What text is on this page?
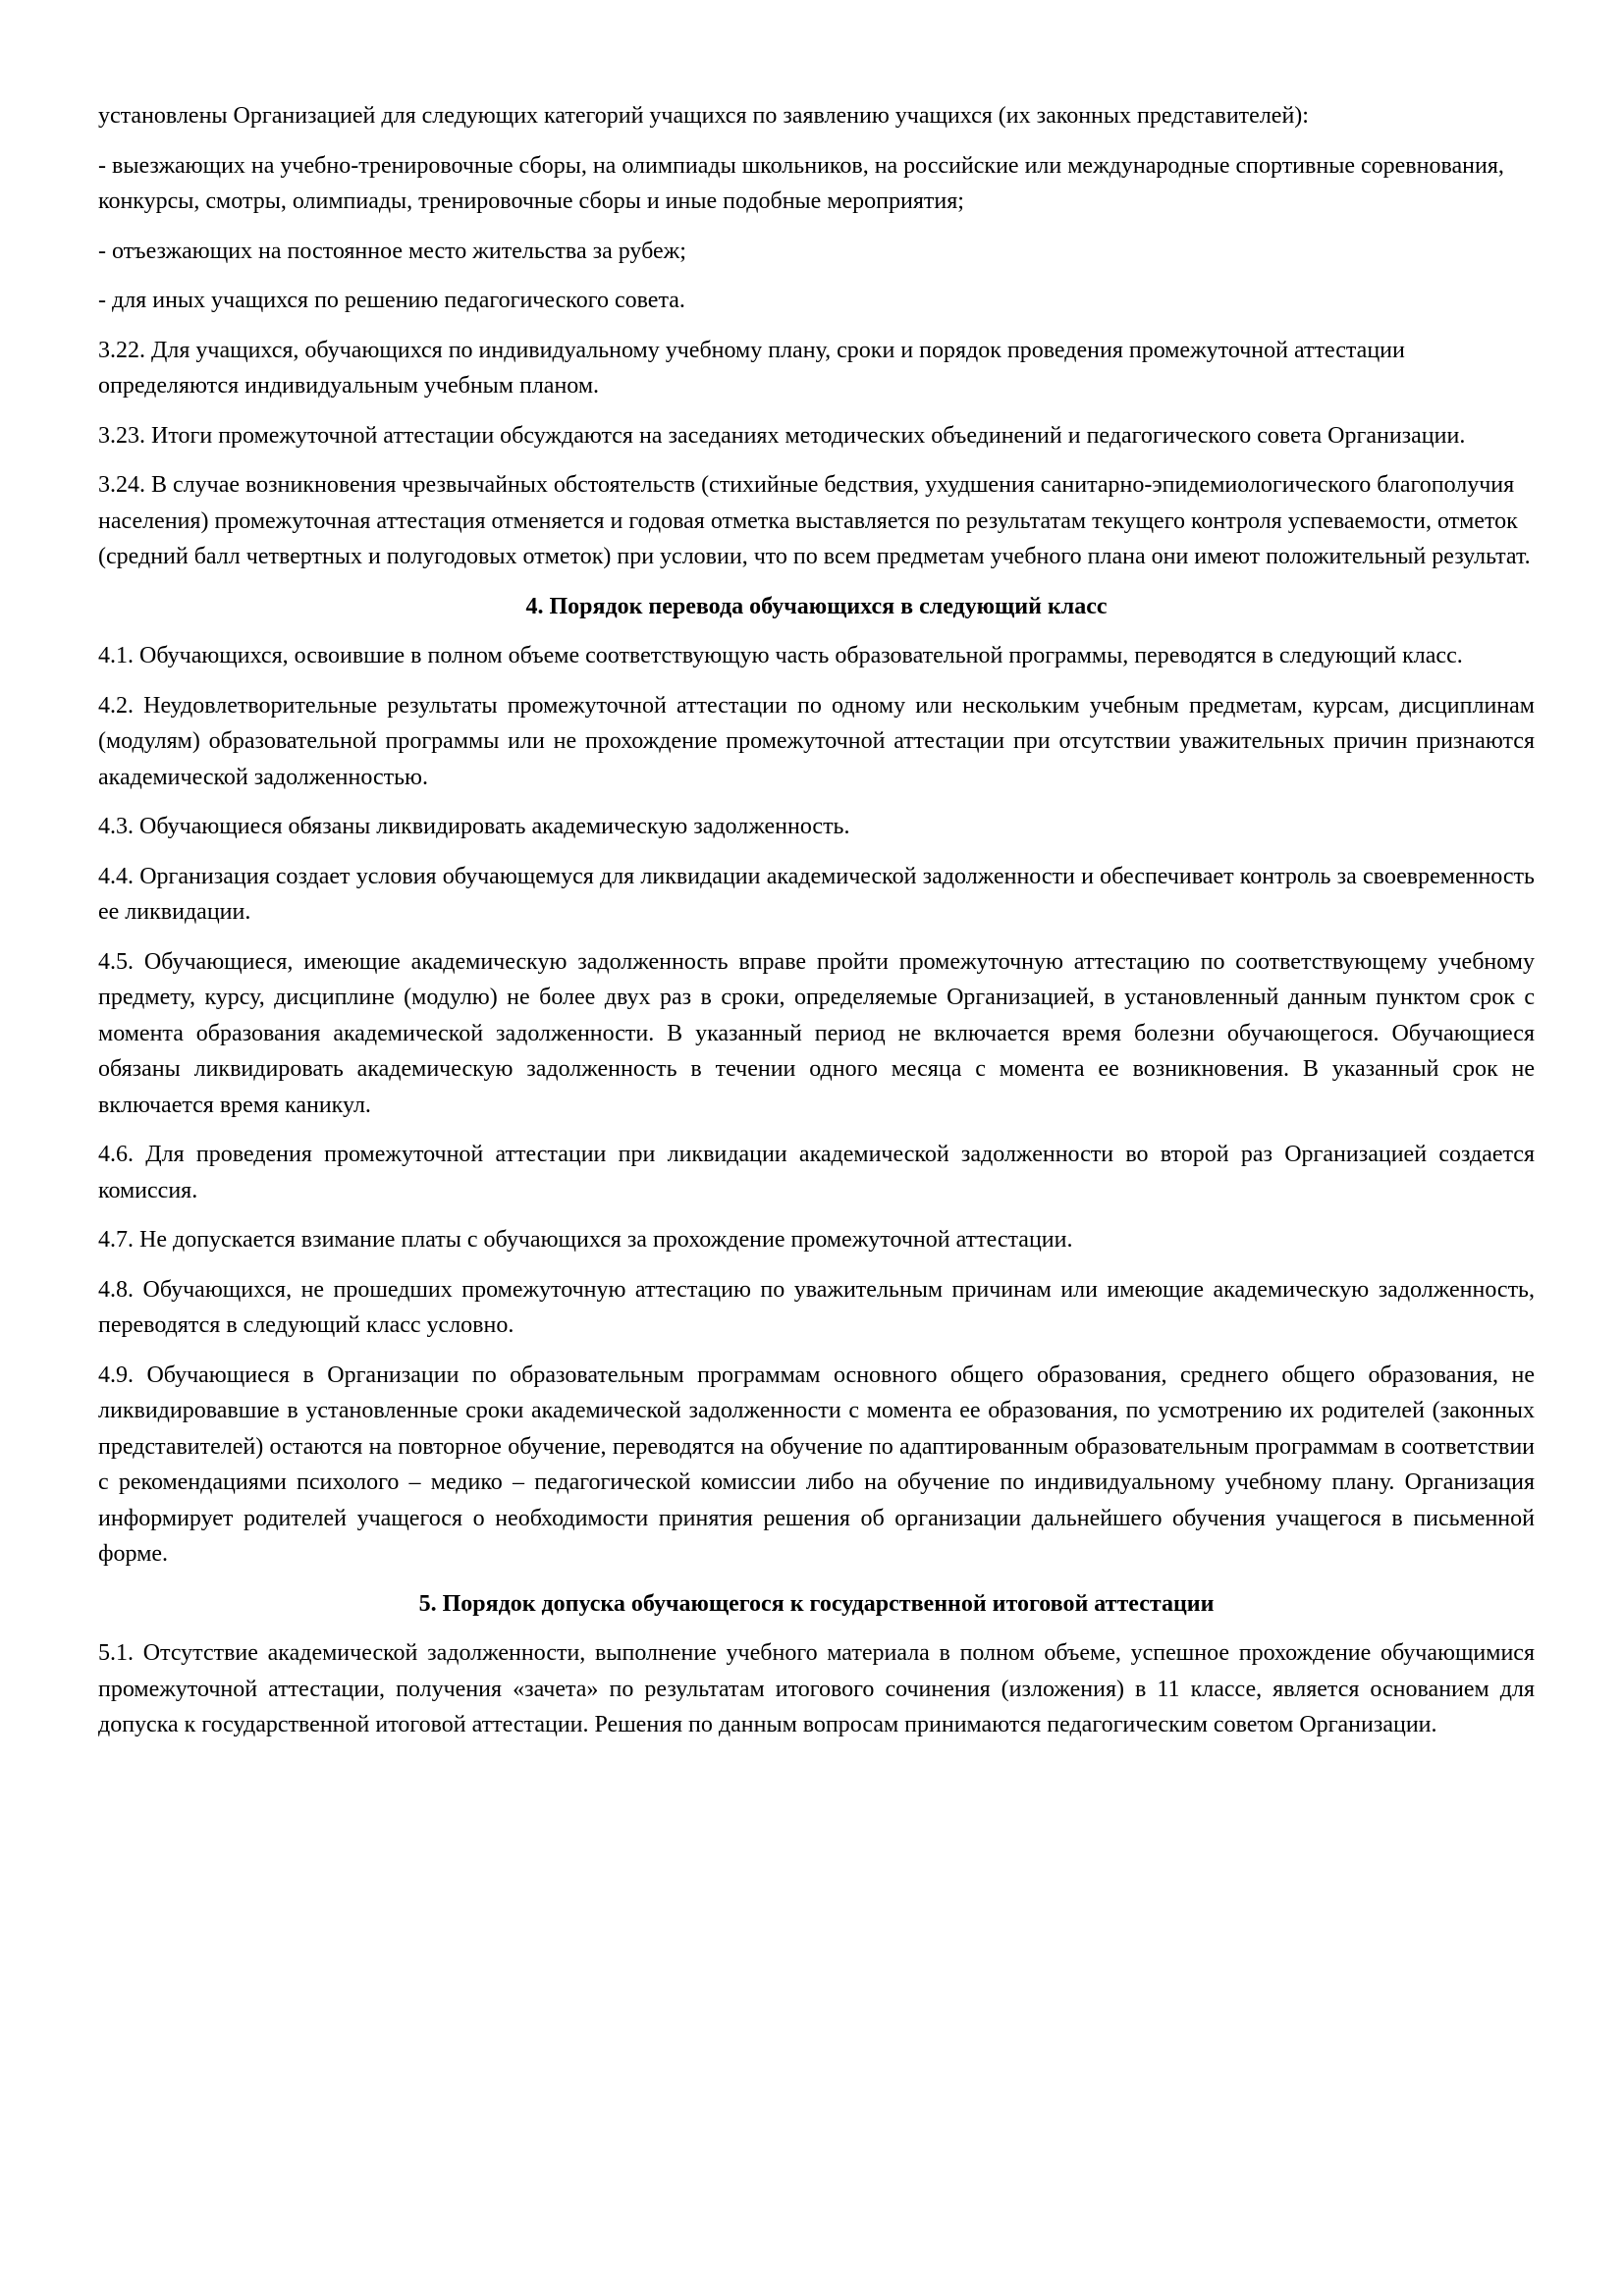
установлены Организацией для следующих категорий учащихся по заявлению учащихся (их законных представителей):

- выезжающих на учебно-тренировочные сборы, на олимпиады школьников, на российские или международные спортивные соревнования, конкурсы, смотры, олимпиады, тренировочные сборы и иные подобные мероприятия;

- отъезжающих на постоянное место жительства за рубеж;

- для иных учащихся по решению педагогического совета.

3.22. Для учащихся, обучающихся по индивидуальному учебному плану, сроки и порядок проведения промежуточной аттестации определяются индивидуальным учебным планом.

3.23. Итоги промежуточной аттестации обсуждаются на заседаниях методических объединений и педагогического совета Организации.

3.24. В случае возникновения чрезвычайных обстоятельств (стихийные бедствия, ухудшения санитарно-эпидемиологического благополучия населения) промежуточная аттестация отменяется и годовая отметка выставляется по результатам текущего контроля успеваемости, отметок (средний балл четвертных и полугодовых отметок) при условии, что по всем предметам учебного плана они имеют положительный результат.

4. Порядок перевода обучающихся в следующий класс

4.1. Обучающихся, освоившие в полном объеме соответствующую часть образовательной программы, переводятся в следующий класс.

4.2. Неудовлетворительные результаты промежуточной аттестации по одному или нескольким учебным предметам, курсам, дисциплинам (модулям) образовательной программы или не прохождение промежуточной аттестации при отсутствии уважительных причин признаются академической задолженностью.

4.3. Обучающиеся обязаны ликвидировать академическую задолженность.

4.4. Организация создает условия обучающемуся для ликвидации академической задолженности и обеспечивает контроль за своевременность ее ликвидации.

4.5. Обучающиеся, имеющие академическую задолженность вправе пройти промежуточную аттестацию по соответствующему учебному предмету, курсу, дисциплине (модулю) не более двух раз в сроки, определяемые Организацией, в установленный данным пунктом срок с момента образования академической задолженности. В указанный период не включается время болезни обучающегося. Обучающиеся обязаны ликвидировать академическую задолженность в течении одного месяца с момента ее возникновения. В указанный срок не включается время каникул.

4.6. Для проведения промежуточной аттестации при ликвидации академической задолженности во второй раз Организацией создается комиссия.

4.7. Не допускается взимание платы с обучающихся за прохождение промежуточной аттестации.

4.8. Обучающихся, не прошедших промежуточную аттестацию по уважительным причинам или имеющие академическую задолженность, переводятся в следующий класс условно.

4.9. Обучающиеся в Организации по образовательным программам основного общего образования, среднего общего образования, не ликвидировавшие в установленные сроки академической задолженности с момента ее образования, по усмотрению их родителей (законных представителей) остаются на повторное обучение, переводятся на обучение по адаптированным образовательным программам в соответствии с рекомендациями психолого – медико – педагогической комиссии либо на обучение по индивидуальному учебному плану. Организация информирует родителей учащегося о необходимости принятия решения об организации дальнейшего обучения учащегося в письменной форме.

5. Порядок допуска обучающегося к государственной итоговой аттестации

5.1. Отсутствие академической задолженности, выполнение учебного материала в полном объеме, успешное прохождение обучающимися промежуточной аттестации, получения «зачета» по результатам итогового сочинения (изложения) в 11 классе, является основанием для допуска к государственной итоговой аттестации. Решения по данным вопросам принимаются педагогическим советом Организации.
